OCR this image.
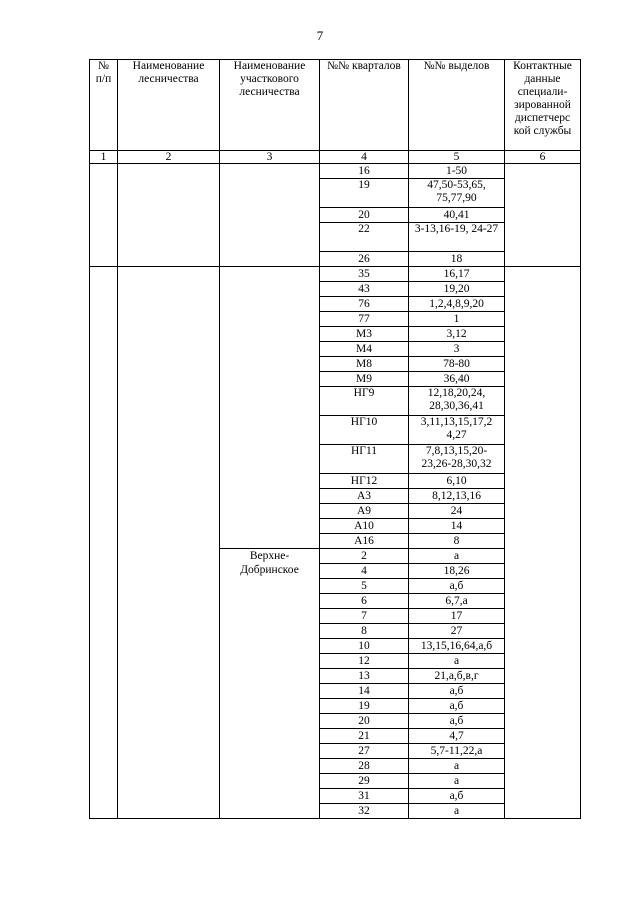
7
№ п/п	Наименование лесничества	Наименование участкового лесничества	№№ кварталов	№№ выделов	Контактные данные специали-зированной диспетчерс кой службы
1	2	3	4	5	6
			16	1-50	
			19	47,50-53,65, 75,77,90	
			20	40,41	
			22	3-13,16-19, 24-27	
			26	18	
			35	16,17	
			43	19,20	
			76	1,2,4,8,9,20	
			77	1	
			М3	3,12	
			М4	3	
			М8	78-80	
			М9	36,40	
			НГ9	12,18,20,24, 28,30,36,41	
			НГ10	3,11,13,15,17,2 4,27	
			НГ11	7,8,13,15,20- 23,26-28,30,32	
			НГ12	6,10	
			А3	8,12,13,16	
			А9	24	
			А10	14	
			А16	8	
		Верхне-Добринское	2	а	
			4	18,26	
			5	а,б	
			6	6,7,а	
			7	17	
			8	27	
			10	13,15,16,64,а,б	
			12	а	
			13	21,а,б,в,г	
			14	а,б	
			19	а,б	
			20	а,б	
			21	4,7	
			27	5,7-11,22,а	
			28	а	
			29	а	
			31	а,б	
			32	а	
